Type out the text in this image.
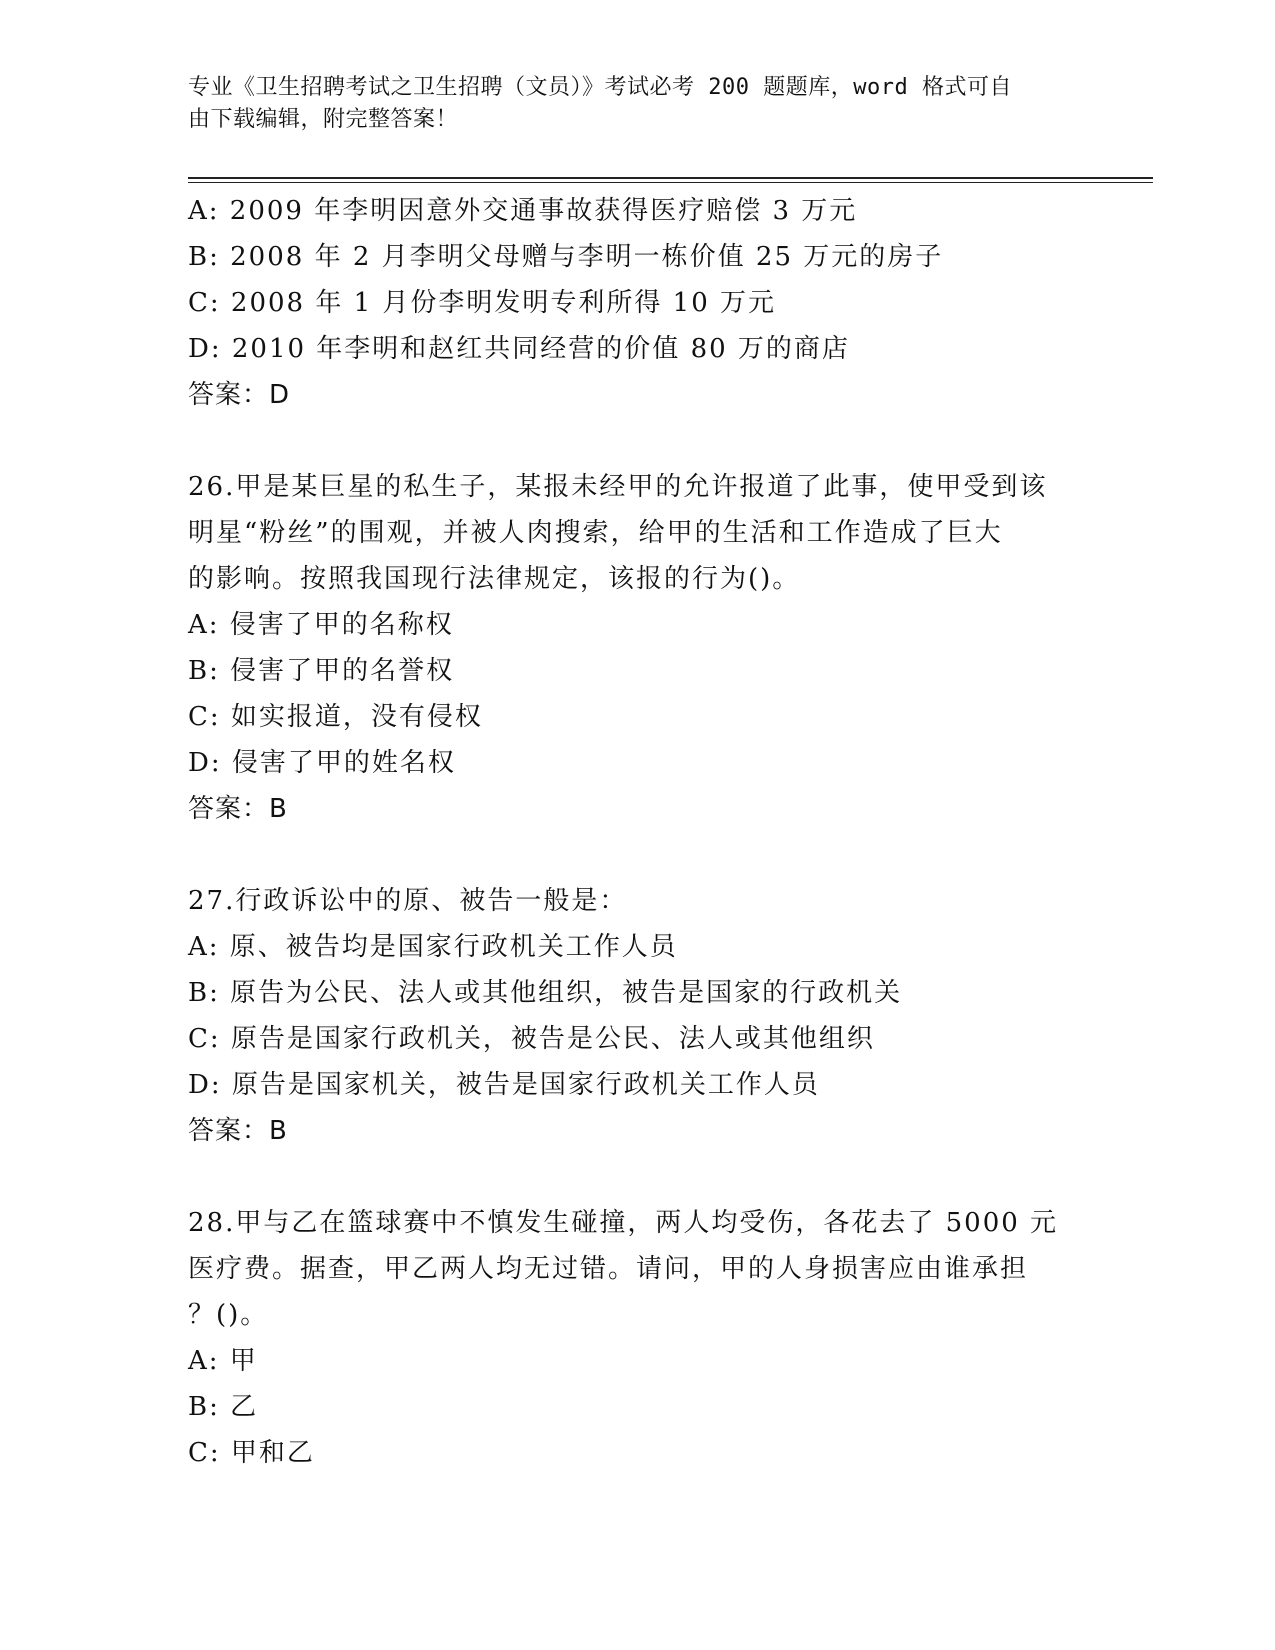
专业《卫生招聘考试之卫生招聘（文员）》考试必考 200 题题库，word 格式可自
由下载编辑，附完整答案！
A: 2009 年李明因意外交通事故获得医疗赔偿 3 万元
B: 2008 年 2 月李明父母赠与李明一栋价值 25 万元的房子
C: 2008 年 1 月份李明发明专利所得 10 万元
D: 2010 年李明和赵红共同经营的价值 80 万的商店
答案：D
26.甲是某巨星的私生子，某报未经甲的允许报道了此事，使甲受到该
明星“粉丝”的围观，并被人肉搜索，给甲的生活和工作造成了巨大
的影响。按照我国现行法律规定，该报的行为()。
A: 侵害了甲的名称权
B: 侵害了甲的名誉权
C: 如实报道，没有侵权
D: 侵害了甲的姓名权
答案：B
27.行政诉讼中的原、被告一般是：
A: 原、被告均是国家行政机关工作人员
B: 原告为公民、法人或其他组织，被告是国家的行政机关
C: 原告是国家行政机关，被告是公民、法人或其他组织
D: 原告是国家机关，被告是国家行政机关工作人员
答案：B
28.甲与乙在篮球赛中不慎发生碰撞，两人均受伤，各花去了 5000 元
医疗费。据查，甲乙两人均无过错。请问，甲的人身损害应由谁承担
？()。
A: 甲
B: 乙
C: 甲和乙
